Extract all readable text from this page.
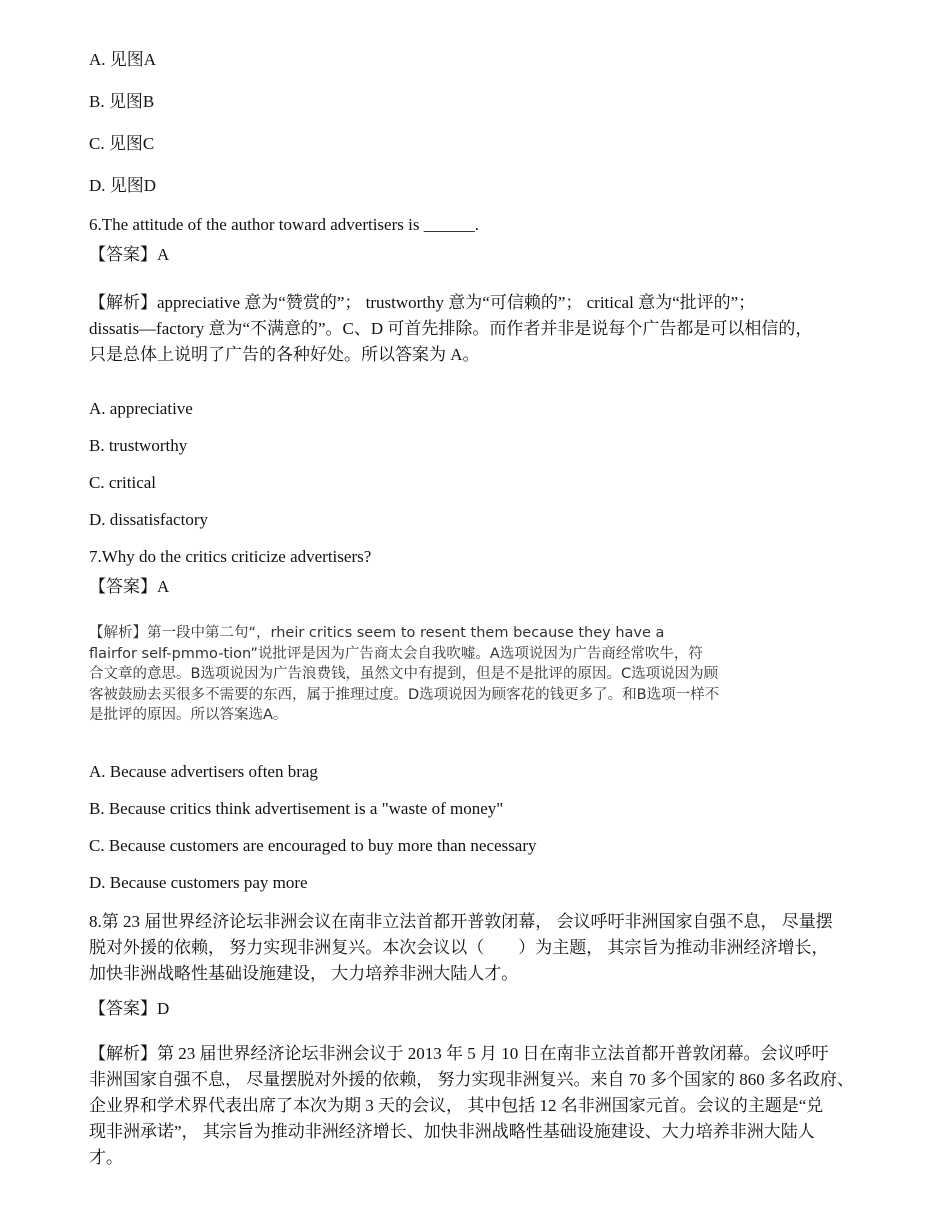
A. 见图A
B. 见图B
C. 见图C
D. 见图D
6.The attitude of the author toward advertisers is ______.
【答案】A
【解析】appreciative 意为“赞赏的”； trustworthy 意为“可信赖的”； critical 意为“批评的”；
dissatis—factory 意为“不满意的”。C、D 可首先排除。而作者并非是说每个广告都是可以相信的，
只是总体上说明了广告的各种好处。所以答案为 A。
A. appreciative
B. trustworthy
C. critical
D. dissatisfactory
7.Why do the critics criticize advertisers?
【答案】A
【解析】第一段中第二句“，rheir critics seem to resent them because they have a
flairfor self-pmmo-tion”说批评是因为广告商太会自我吹嘘。A选项说因为广告商经常吹牛，符
合文章的意思。B选项说因为广告浪费钱，虽然文中有提到，但是不是批评的原因。C选项说因为顾
客被鼓励去买很多不需要的东西，属于推理过度。D选项说因为顾客花的钱更多了。和B选项一样不
是批评的原因。所以答案选A。
A. Because advertisers often brag
B. Because critics think advertisement is a "waste of money"
C. Because customers are encouraged to buy more than necessary
D. Because customers pay more
8.第 23 届世界经济论坛非洲会议在南非立法首都开普敦闭幕， 会议呼吁非洲国家自强不息， 尽量摆
脱对外援的依赖， 努力实现非洲复兴。本次会议以（　　）为主题， 其宗旨为推动非洲经济增长，
加快非洲战略性基础设施建设， 大力培养非洲大陆人才。
【答案】D
【解析】第 23 届世界经济论坛非洲会议于 2013 年 5 月 10 日在南非立法首都开普敦闭幕。会议呼吁
非洲国家自强不息， 尽量摆脱对外援的依赖， 努力实现非洲复兴。来自 70 多个国家的 860 多名政府、
企业界和学术界代表出席了本次为期 3 天的会议， 其中包括 12 名非洲国家元首。会议的主题是“兑
现非洲承诺”， 其宗旨为推动非洲经济增长、加快非洲战略性基础设施建设、大力培养非洲大陆人
才。
